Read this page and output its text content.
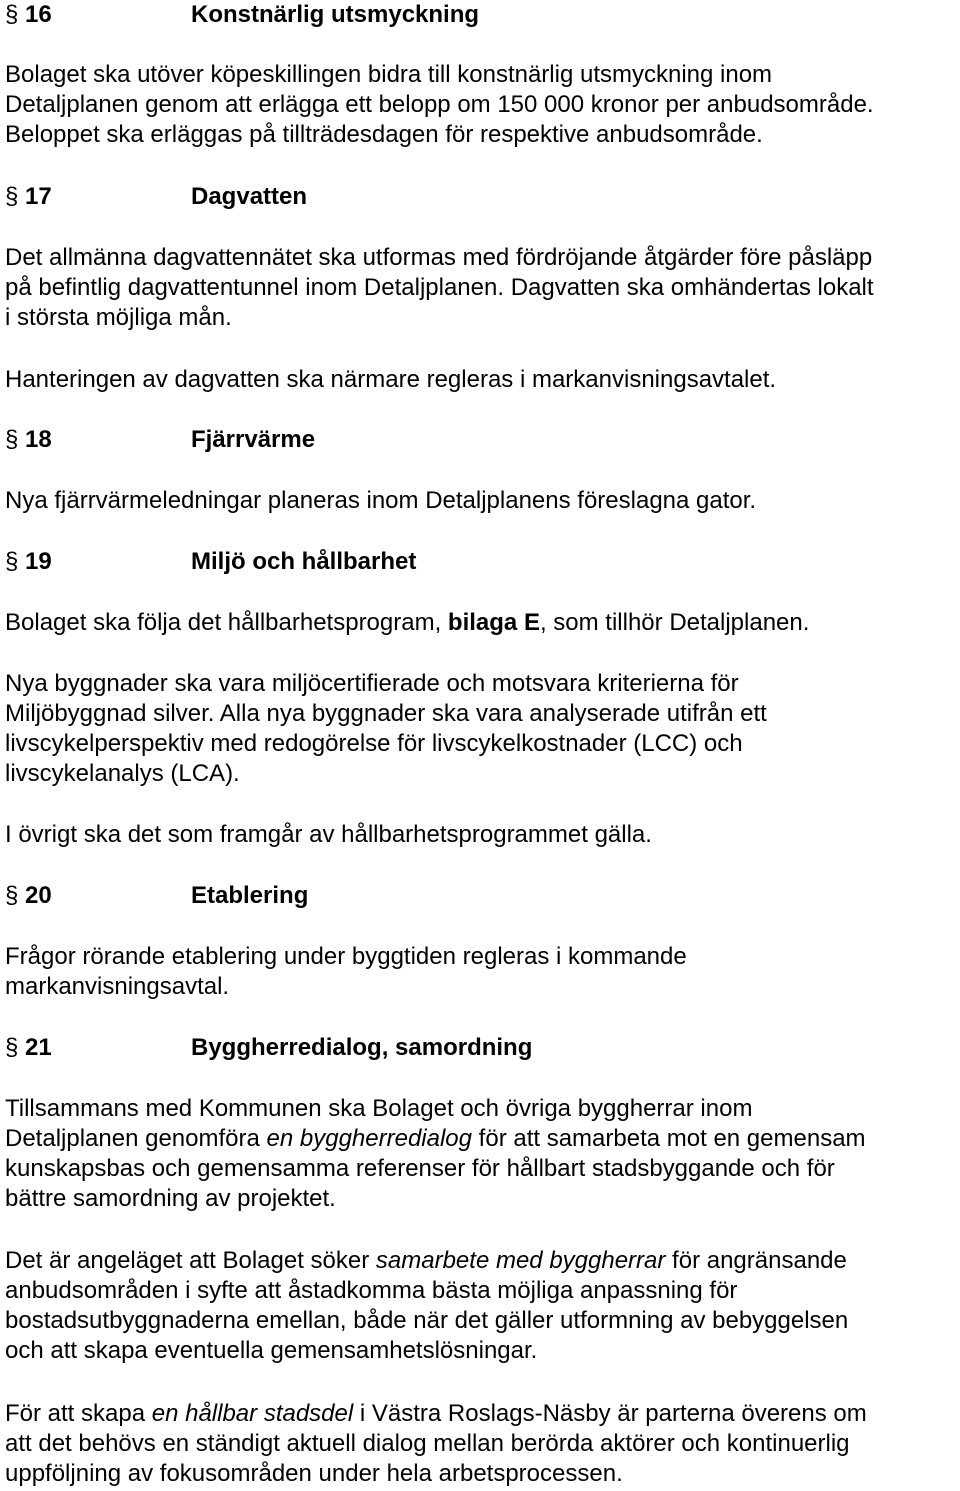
§ 16	Konstnärlig utsmyckning
Bolaget ska utöver köpeskillingen bidra till konstnärlig utsmyckning inom
Detaljplanen genom att erlägga ett belopp om 150 000 kronor per anbudsområde.
Beloppet ska erläggas på tillträdesdagen för respektive anbudsområde.
§ 17	Dagvatten
Det allmänna dagvattennätet ska utformas med fördröjande åtgärder före påsläpp
på befintlig dagvattentunnel inom Detaljplanen. Dagvatten ska omhändertas lokalt
i största möjliga mån.
Hanteringen av dagvatten ska närmare regleras i markanvisningsavtalet.
§ 18	Fjärrvärme
Nya fjärrvärmeledningar planeras inom Detaljplanens föreslagna gator.
§ 19	Miljö och hållbarhet
Bolaget ska följa det hållbarhetsprogram, bilaga E, som tillhör Detaljplanen.
Nya byggnader ska vara miljöcertifierade och motsvara kriterierna för
Miljöbyggnad silver. Alla nya byggnader ska vara analyserade utifrån ett
livscykelperspektiv med redogörelse för livscykelkostnader (LCC) och
livscykelanalys (LCA).
I övrigt ska det som framgår av hållbarhetsprogrammet gälla.
§ 20	Etablering
Frågor rörande etablering under byggtiden regleras i kommande
markanvisningsavtal.
§ 21	Byggherredialog, samordning
Tillsammans med Kommunen ska Bolaget och övriga byggherrar inom
Detaljplanen genomföra en byggherredialog för att samarbeta mot en gemensam
kunskapsbas och gemensamma referenser för hållbart stadsbyggande och för
bättre samordning av projektet.
Det är angeläget att Bolaget söker samarbete med byggherrar för angränsande
anbudsområden i syfte att åstadkomma bästa möjliga anpassning för
bostadsutbyggnaderna emellan, både när det gäller utformning av bebyggelsen
och att skapa eventuella gemensamhetslösningar.
För att skapa en hållbar stadsdel i Västra Roslags-Näsby är parterna överens om
att det behövs en ständigt aktuell dialog mellan berörda aktörer och kontinuerlig
uppföljning av fokusområden under hela arbetsprocessen.
